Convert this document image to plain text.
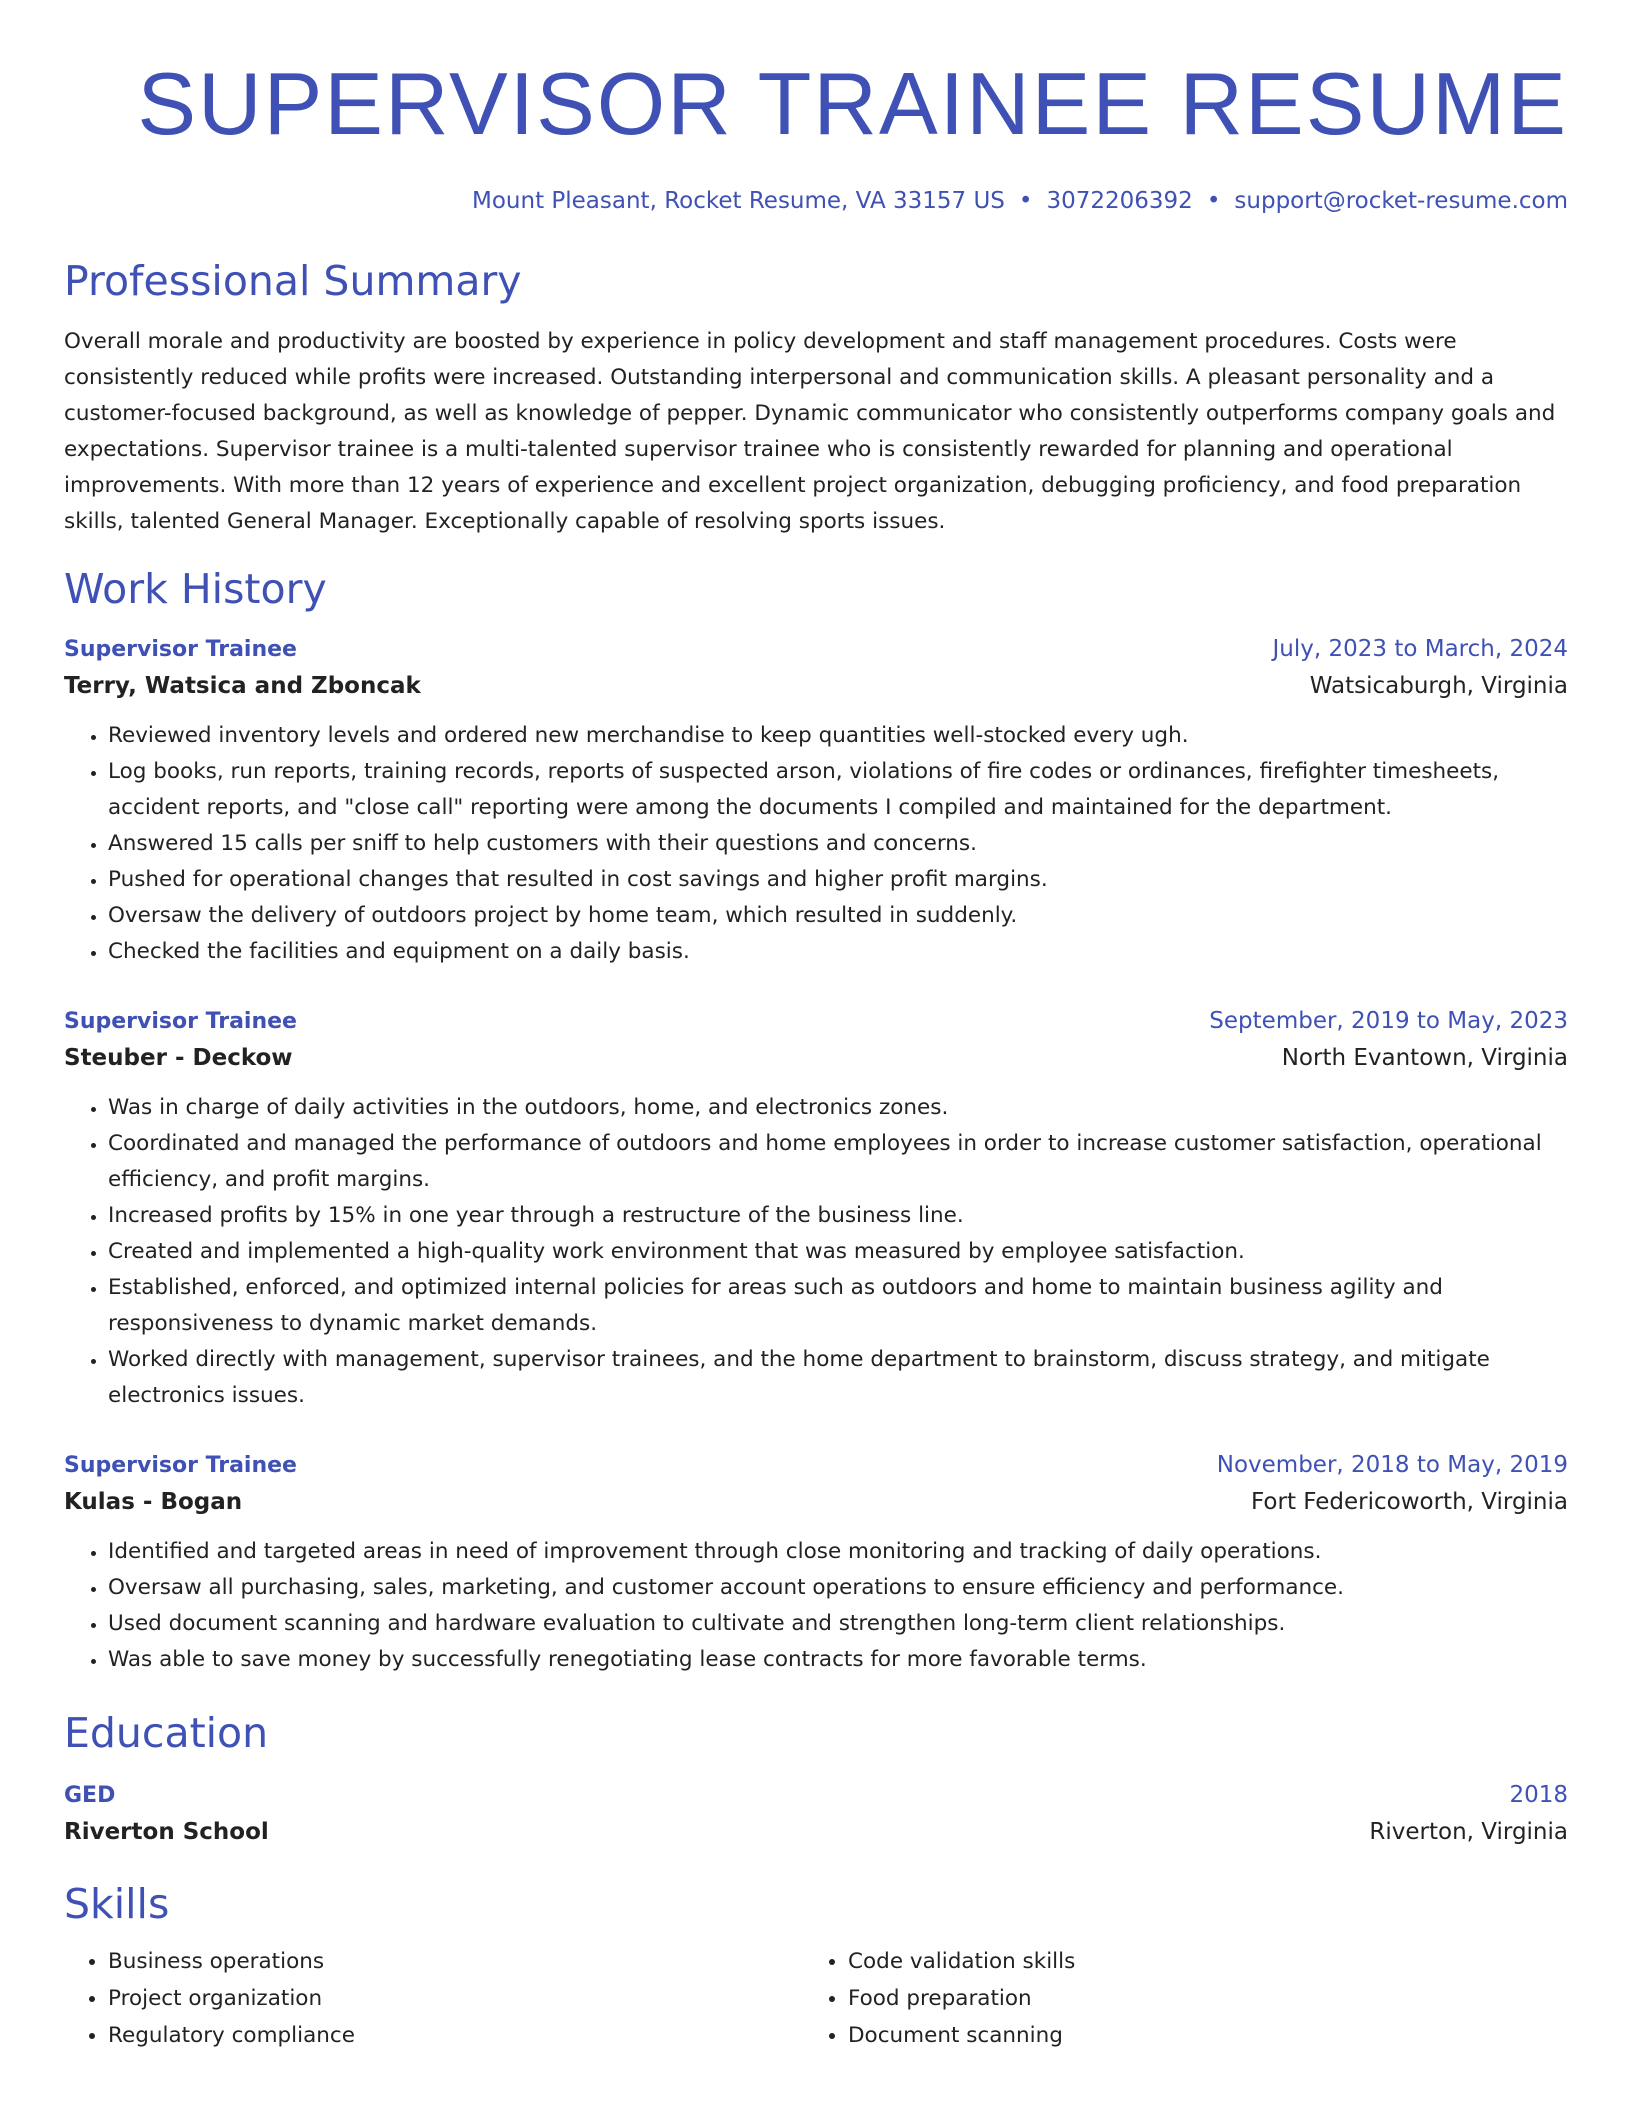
SUPERVISOR TRAINEE RESUME
Mount Pleasant, Rocket Resume, VA 33157 US • 3072206392 • support@rocket-resume.com
Professional Summary
Overall morale and productivity are boosted by experience in policy development and staff management procedures. Costs were consistently reduced while profits were increased. Outstanding interpersonal and communication skills. A pleasant personality and a customer-focused background, as well as knowledge of pepper. Dynamic communicator who consistently outperforms company goals and expectations. Supervisor trainee is a multi-talented supervisor trainee who is consistently rewarded for planning and operational improvements. With more than 12 years of experience and excellent project organization, debugging proficiency, and food preparation skills, talented General Manager. Exceptionally capable of resolving sports issues.
Work History
Supervisor Trainee	July, 2023 to March, 2024
Terry, Watsica and Zboncak	Watsicaburgh, Virginia
• Reviewed inventory levels and ordered new merchandise to keep quantities well-stocked every ugh.
• Log books, run reports, training records, reports of suspected arson, violations of fire codes or ordinances, firefighter timesheets, accident reports, and "close call" reporting were among the documents I compiled and maintained for the department.
• Answered 15 calls per sniff to help customers with their questions and concerns.
• Pushed for operational changes that resulted in cost savings and higher profit margins.
• Oversaw the delivery of outdoors project by home team, which resulted in suddenly.
• Checked the facilities and equipment on a daily basis.
Supervisor Trainee	September, 2019 to May, 2023
Steuber - Deckow	North Evantown, Virginia
• Was in charge of daily activities in the outdoors, home, and electronics zones.
• Coordinated and managed the performance of outdoors and home employees in order to increase customer satisfaction, operational efficiency, and profit margins.
• Increased profits by 15% in one year through a restructure of the business line.
• Created and implemented a high-quality work environment that was measured by employee satisfaction.
• Established, enforced, and optimized internal policies for areas such as outdoors and home to maintain business agility and responsiveness to dynamic market demands.
• Worked directly with management, supervisor trainees, and the home department to brainstorm, discuss strategy, and mitigate electronics issues.
Supervisor Trainee	November, 2018 to May, 2019
Kulas - Bogan	Fort Federicoworth, Virginia
• Identified and targeted areas in need of improvement through close monitoring and tracking of daily operations.
• Oversaw all purchasing, sales, marketing, and customer account operations to ensure efficiency and performance.
• Used document scanning and hardware evaluation to cultivate and strengthen long-term client relationships.
• Was able to save money by successfully renegotiating lease contracts for more favorable terms.
Education
GED	2018
Riverton School	Riverton, Virginia
Skills
• Business operations
• Project organization
• Regulatory compliance
• Code validation skills
• Food preparation
• Document scanning
